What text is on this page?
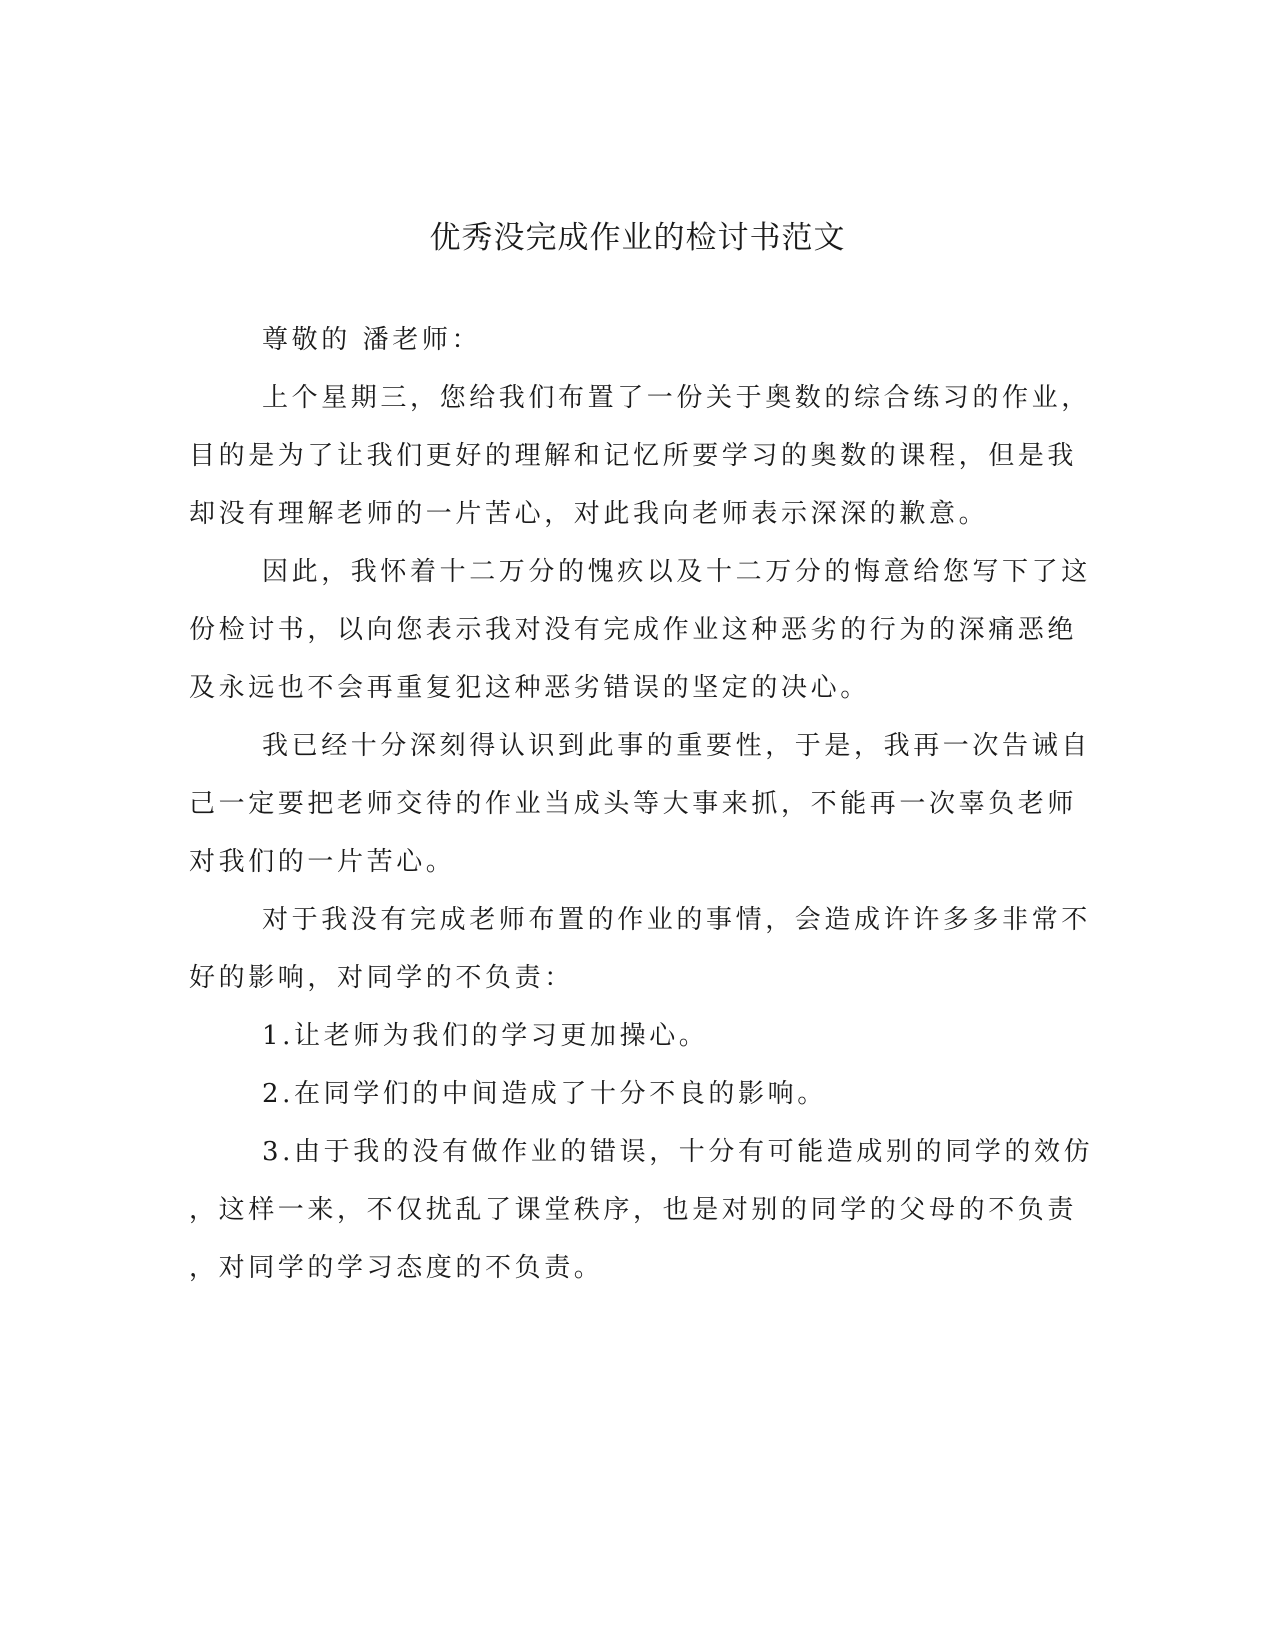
优秀没完成作业的检讨书范文

尊敬的 潘老师：

上个星期三，您给我们布置了一份关于奥数的综合练习的作业，

目的是为了让我们更好的理解和记忆所要学习的奥数的课程，但是我

却没有理解老师的一片苦心，对此我向老师表示深深的歉意。

因此，我怀着十二万分的愧疚以及十二万分的悔意给您写下了这

份检讨书，以向您表示我对没有完成作业这种恶劣的行为的深痛恶绝

及永远也不会再重复犯这种恶劣错误的坚定的决心。

我已经十分深刻得认识到此事的重要性，于是，我再一次告诫自

己一定要把老师交待的作业当成头等大事来抓，不能再一次辜负老师

对我们的一片苦心。

对于我没有完成老师布置的作业的事情，会造成许许多多非常不

好的影响，对同学的不负责：

1.让老师为我们的学习更加操心。

2.在同学们的中间造成了十分不良的影响。

3.由于我的没有做作业的错误，十分有可能造成别的同学的效仿

，这样一来，不仅扰乱了课堂秩序，也是对别的同学的父母的不负责

，对同学的学习态度的不负责。
